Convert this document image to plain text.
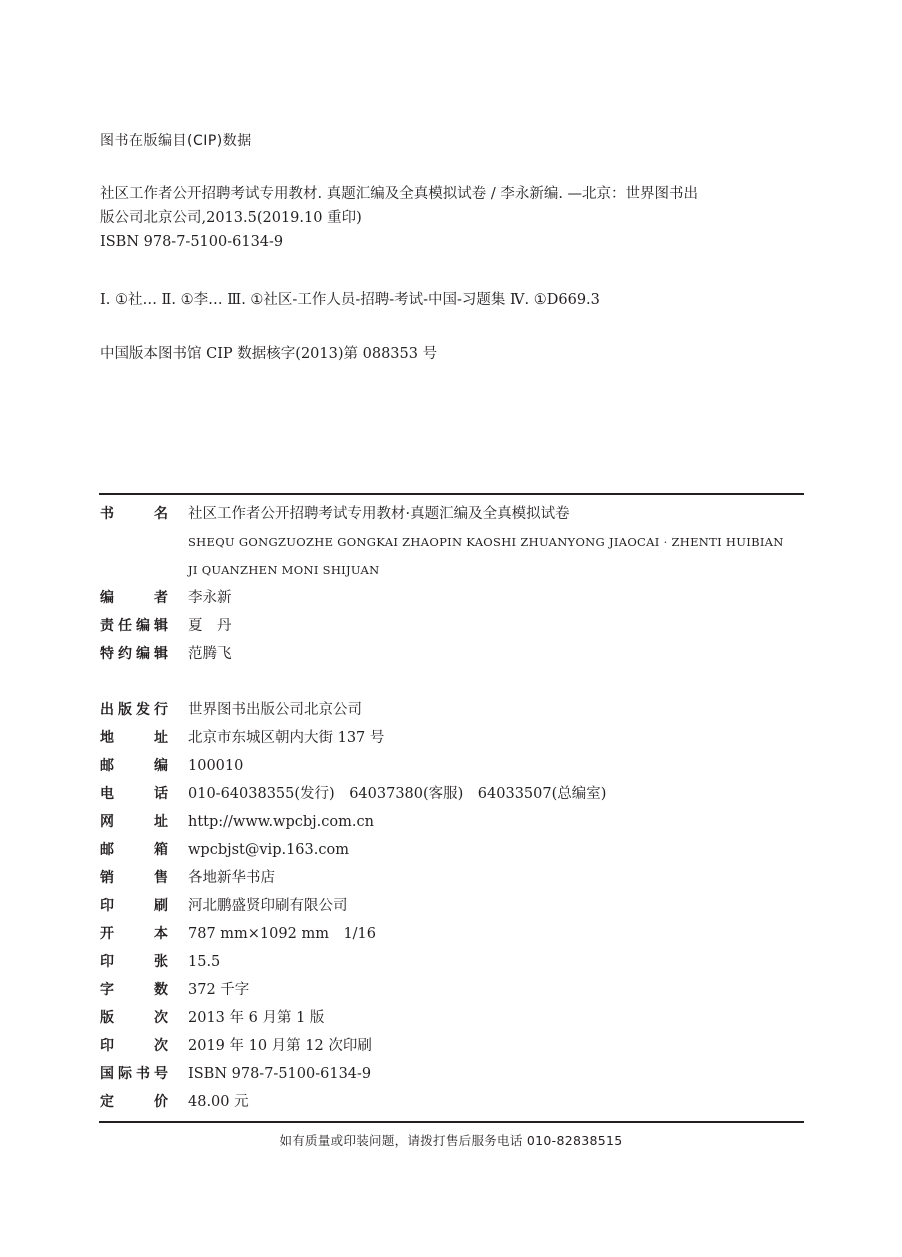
图书在版编目(CIP)数据
社区工作者公开招聘考试专用教材. 真题汇编及全真模拟试卷 / 李永新编. —北京：世界图书出
版公司北京公司,2013.5(2019.10 重印)
ISBN 978-7-5100-6134-9
Ⅰ. ①社… Ⅱ. ①李… Ⅲ. ①社区-工作人员-招聘-考试-中国-习题集 Ⅳ. ①D669.3
中国版本图书馆 CIP 数据核字(2013)第 088353 号
书	名 社区工作者公开招聘考试专用教材·真题汇编及全真模拟试卷
SHEQU GONGZUOZHE GONGKAI ZHAOPIN KAOSHI ZHUANYONG JIAOCAI · ZHENTI HUIBIAN
JI QUANZHEN MONI SHIJUAN
编	者 李永新
责 任 编 辑 夏　丹
特 约 编 辑 范腾飞
出 版 发 行 世界图书出版公司北京公司
地	址 北京市东城区朝内大街 137 号
邮	编 100010
电	话 010-64038355(发行)　64037380(客服)　64033507(总编室)
网	址 http://www.wpcbj.com.cn
邮	箱 wpcbjst@vip.163.com
销	售 各地新华书店
印	刷 河北鹏盛贤印刷有限公司
开	本 787 mm×1092 mm　1/16
印	张 15.5
字	数 372 千字
版	次 2013 年 6 月第 1 版
印	次 2019 年 10 月第 12 次印刷
国 际 书 号 ISBN 978-7-5100-6134-9
定	价 48.00 元
如有质量或印装问题，请拨打售后服务电话 010-82838515
